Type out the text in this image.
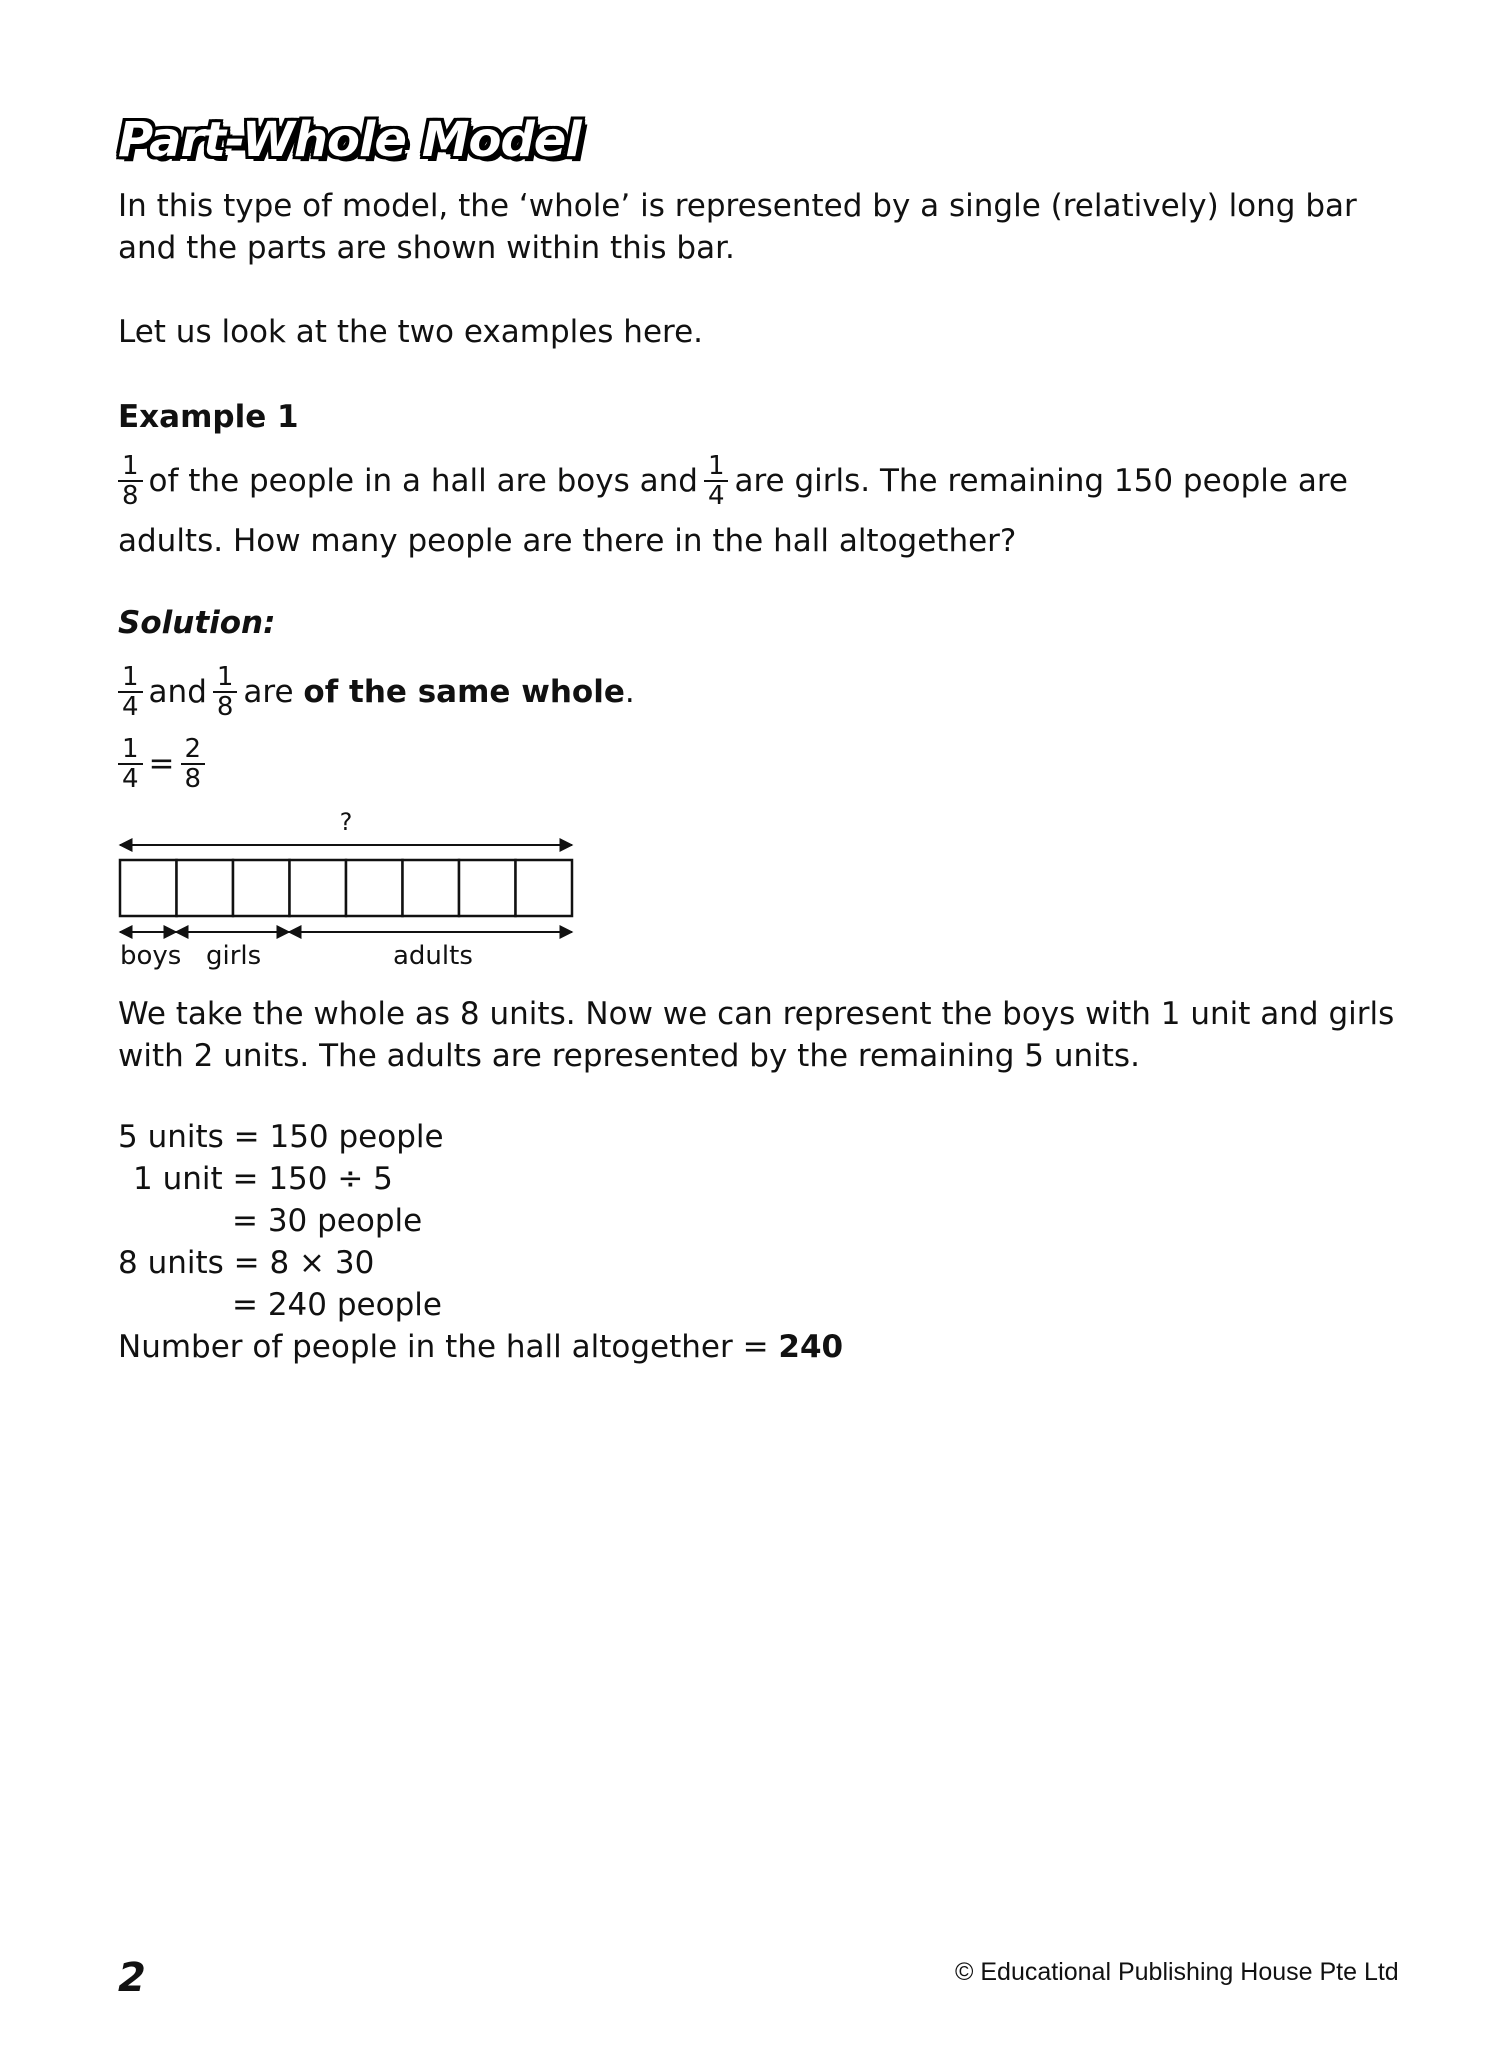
Part-Whole Model
In this type of model, the ‘whole’ is represented by a single (relatively) long bar
and the parts are shown within this bar.
Let us look at the two examples here.
Example 1
$\frac{1}{8}$ of the people in a hall are boys and $\frac{1}{4}$ are girls. The remaining 150 people are
adults. How many people are there in the hall altogether?
Solution:
$\frac{1}{4}$ and $\frac{1}{8}$ are
of the same whole .
$\frac{1}{4} = \frac{2}{8}$
?
boys girls	adults
We take the whole as 8 units. Now we can represent the boys with 1 unit and girls
with 2 units. The adults are represented by the remaining 5 units.
5 units = 150 people
1 unit = 150 ÷ 5
= 30 people
8 units = 8 × 30
= 240 people
Number of people in the hall altogether = 240
2	© Educational Publishing House Pte Ltd
